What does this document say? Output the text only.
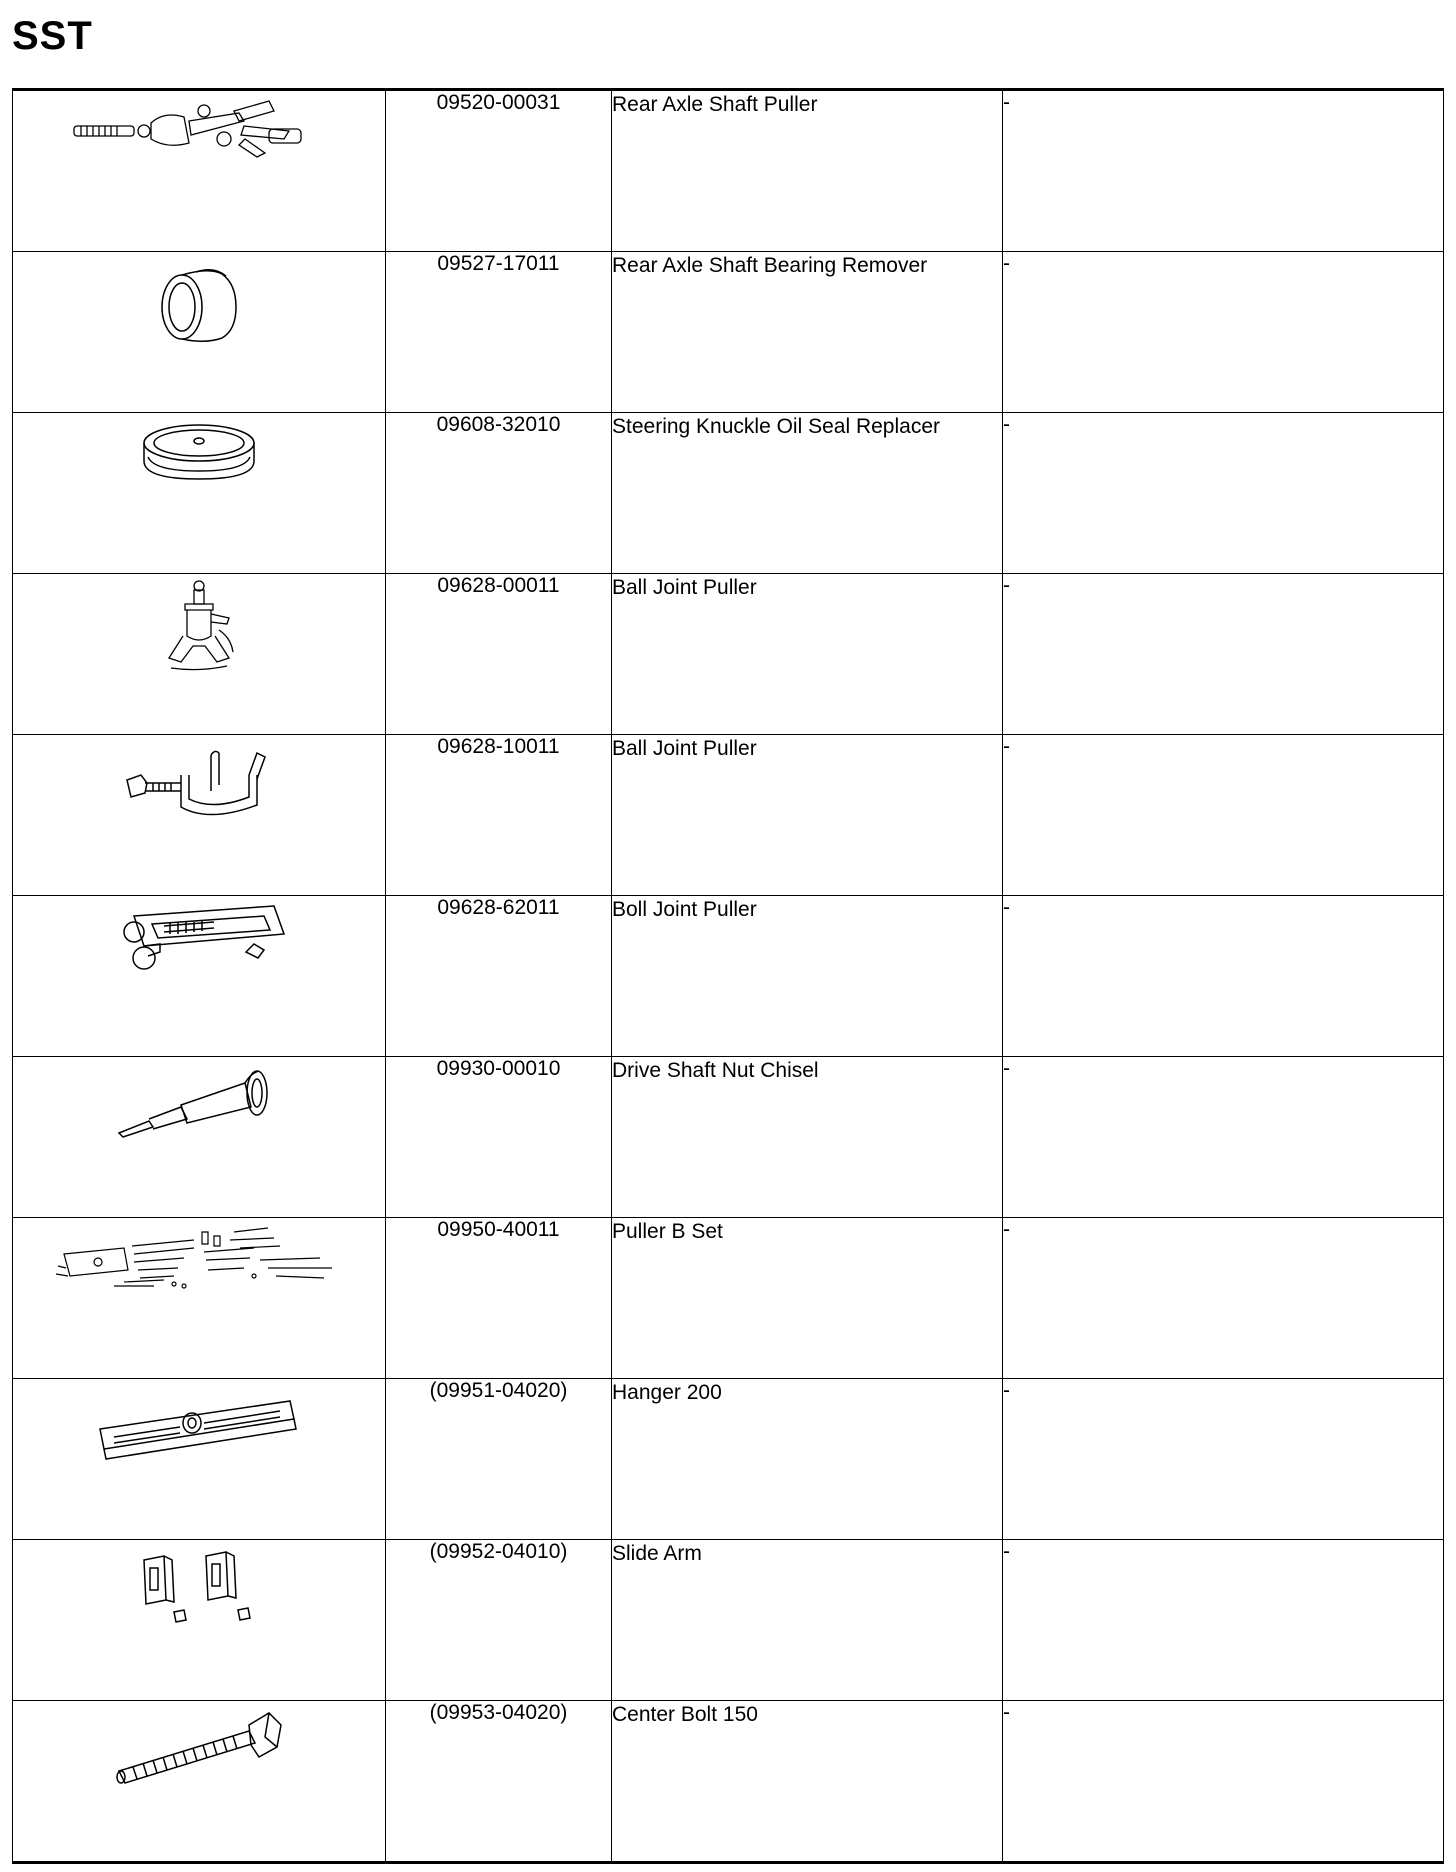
SST

09520-00031	Rear Axle Shaft Puller	-

09527-17011	Rear Axle Shaft Bearing Remover	-

09608-32010	Steering Knuckle Oil Seal Replacer	-

09628-00011	Ball Joint Puller	-

09628-10011	Ball Joint Puller	-

09628-62011	Boll Joint Puller	-

09930-00010	Drive Shaft Nut Chisel	-

09950-40011	Puller B Set	-

(09951-04020)	Hanger 200	-

(09952-04010)	Slide Arm	-

(09953-04020)	Center Bolt 150	-
